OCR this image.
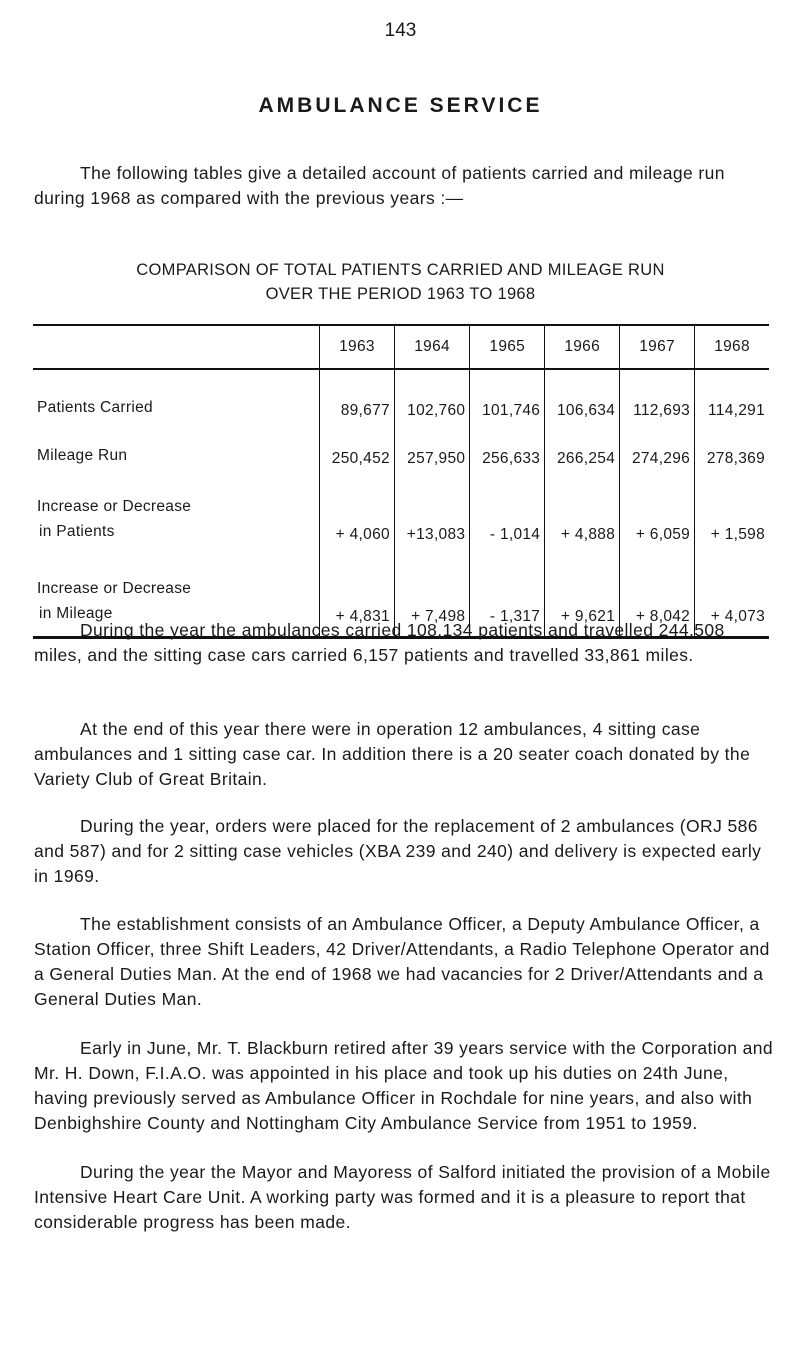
143
AMBULANCE SERVICE

The following tables give a detailed account of patients carried and mileage run during 1968 as compared with the previous years :—

COMPARISON OF TOTAL PATIENTS CARRIED AND MILEAGE RUN
OVER THE PERIOD 1963 TO 1968
	1963	1964	1965	1966	1967	1968
Patients Carried	89,677	102,760	101,746	106,634	112,693	114,291
Mileage Run	250,452	257,950	256,633	266,254	274,296	278,369
Increase or Decrease
in Patients	+ 4,060	+13,083	- 1,014	+ 4,888	+ 6,059	+ 1,598
Increase or Decrease
in Mileage	+ 4,831	+ 7,498	- 1,317	+ 9,621	+ 8,042	+ 4,073

During the year the ambulances carried 108,134 patients and travelled 244,508 miles, and the sitting case cars carried 6,157 patients and travelled 33,861 miles.

At the end of this year there were in operation 12 ambulances, 4 sitting case ambulances and 1 sitting case car. In addition there is a 20 seater coach donated by the Variety Club of Great Britain.

During the year, orders were placed for the replacement of 2 ambulances (ORJ 586 and 587) and for 2 sitting case vehicles (XBA 239 and 240) and delivery is expected early in 1969.

The establishment consists of an Ambulance Officer, a Deputy Ambulance Officer, a Station Officer, three Shift Leaders, 42 Driver/Attendants, a Radio Telephone Operator and a General Duties Man. At the end of 1968 we had vacancies for 2 Driver/Attendants and a General Duties Man.

Early in June, Mr. T. Blackburn retired after 39 years service with the Corporation and Mr. H. Down, F.I.A.O. was appointed in his place and took up his duties on 24th June, having previously served as Ambulance Officer in Rochdale for nine years, and also with Denbighshire County and Nottingham City Ambulance Service from 1951 to 1959.

During the year the Mayor and Mayoress of Salford initiated the provision of a Mobile Intensive Heart Care Unit. A working party was formed and it is a pleasure to report that considerable progress has been made.
